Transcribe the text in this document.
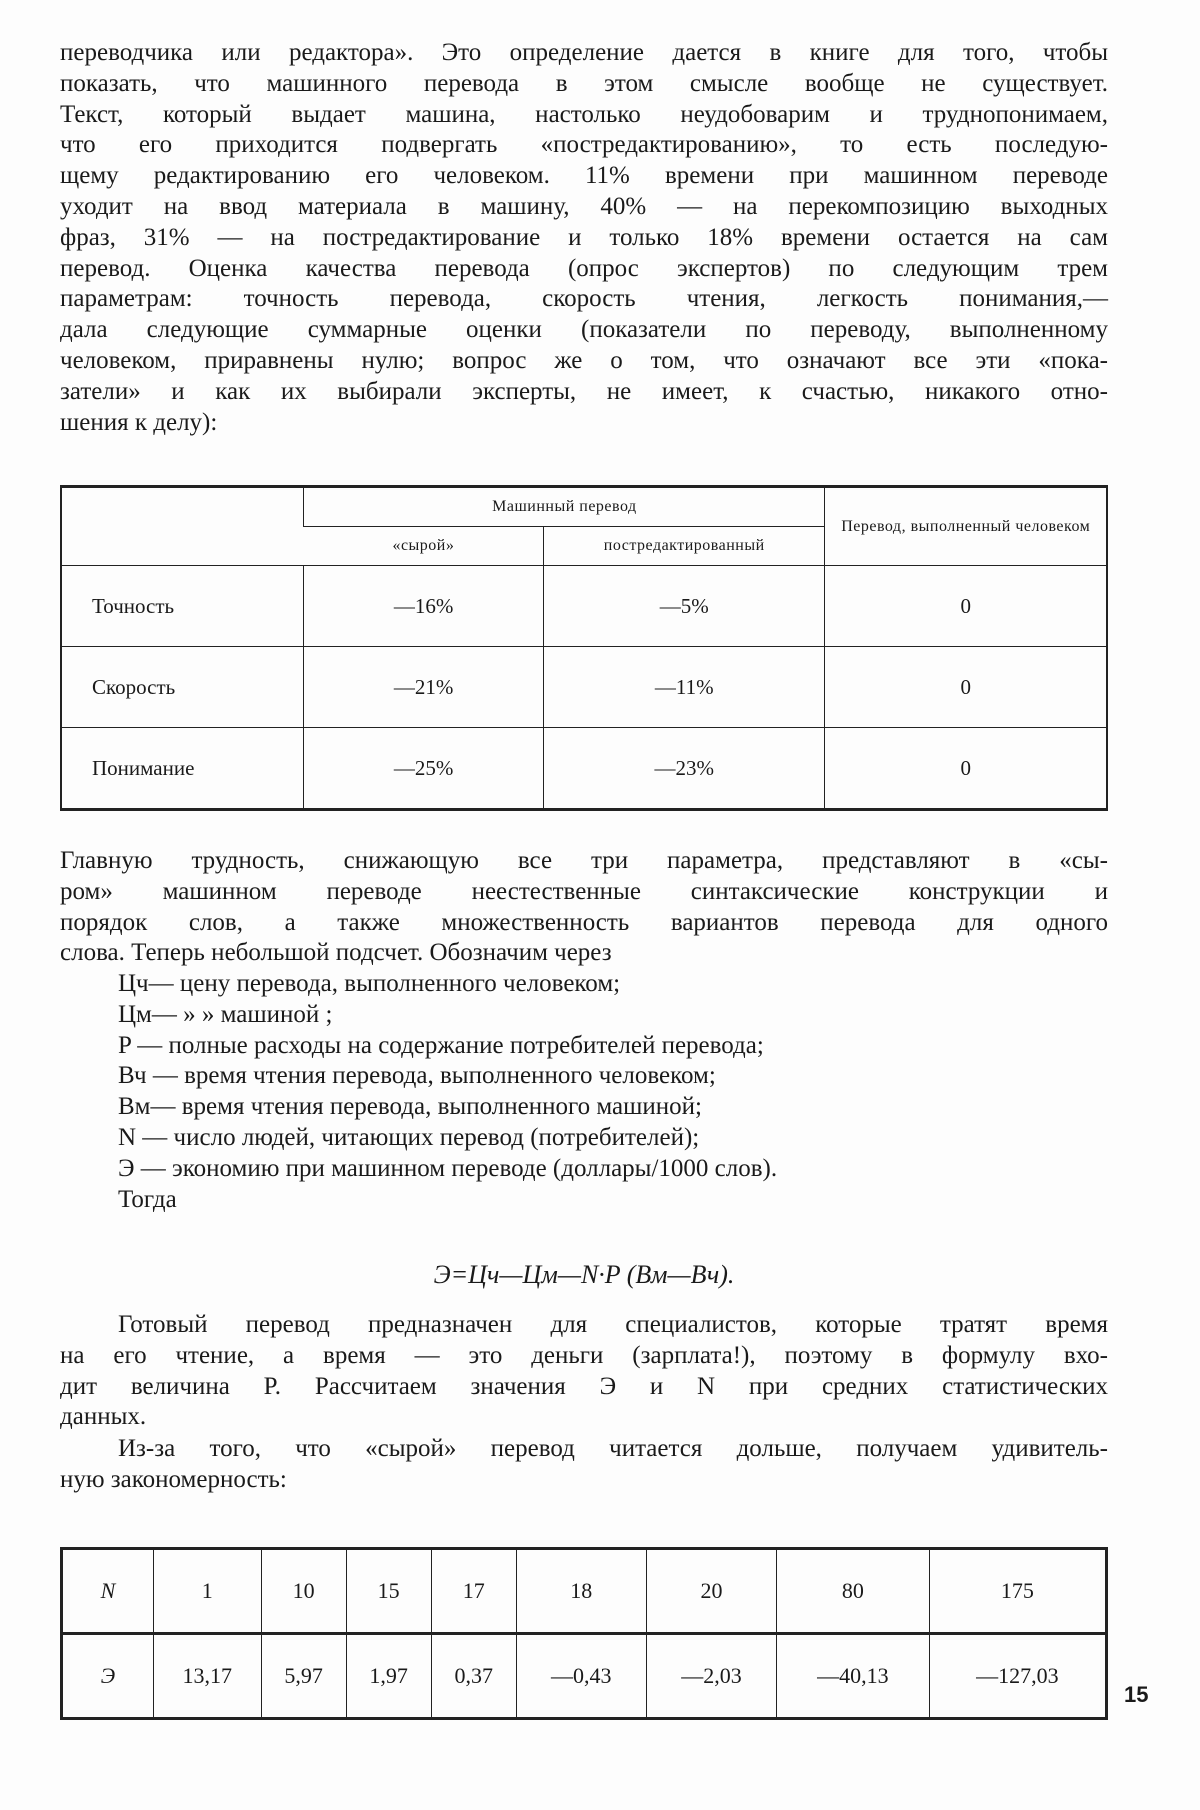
переводчика или редактора». Это определение дается в книге для того, чтобы
показать, что машинного перевода в этом смысле вообще не существует.
Текст, который выдает машина, настолько неудобоварим и труднопонимаем,
что его приходится подвергать «постредактированию», то есть последую-
щему редактированию его человеком. 11% времени при машинном переводе
уходит на ввод материала в машину, 40% — на перекомпозицию выходных
фраз, 31% — на постредактирование и только 18% времени остается на сам
перевод. Оценка качества перевода (опрос экспертов) по следующим трем
параметрам: точность перевода, скорость чтения, легкость понимания,—
дала следующие суммарные оценки (показатели по переводу, выполненному
человеком, приравнены нулю; вопрос же о том, что означают все эти «пока-
затели» и как их выбирали эксперты, не имеет, к счастью, никакого отно-
шения к делу):
	Машинный перевод		Перевод, выполненный человеком
	«сырой»	постредактированный	
Точность	—16%	—5%	0
Скорость	—21%	—11%	0
Понимание	—25%	—23%	0
Главную трудность, снижающую все три параметра, представляют в «сы-
ром» машинном переводе неестественные синтаксические конструкции и
порядок слов, а также множественность вариантов перевода для одного
слова. Теперь небольшой подсчет. Обозначим через
Цч— цену перевода, выполненного человеком;
Цм— » » машиной ;
P — полные расходы на содержание потребителей перевода;
Вч — время чтения перевода, выполненного человеком;
Вм— время чтения перевода, выполненного машиной;
N — число людей, читающих перевод (потребителей);
Э — экономию при машинном переводе (доллары/1000 слов).
Тогда
Э=Цч—Цм—N·P (Вм—Вч).
Готовый перевод предназначен для специалистов, которые тратят время
на его чтение, а время — это деньги (зарплата!), поэтому в формулу вхо-
дит величина P. Рассчитаем значения Э и N при средних статистических
данных.
Из-за того, что «сырой» перевод читается дольше, получаем удивитель-
ную закономерность:
N	1	10	15	17	18	20	80	175
Э	13,17	5,97	1,97	0,37	—0,43	—2,03	—40,13	—127,03
15
